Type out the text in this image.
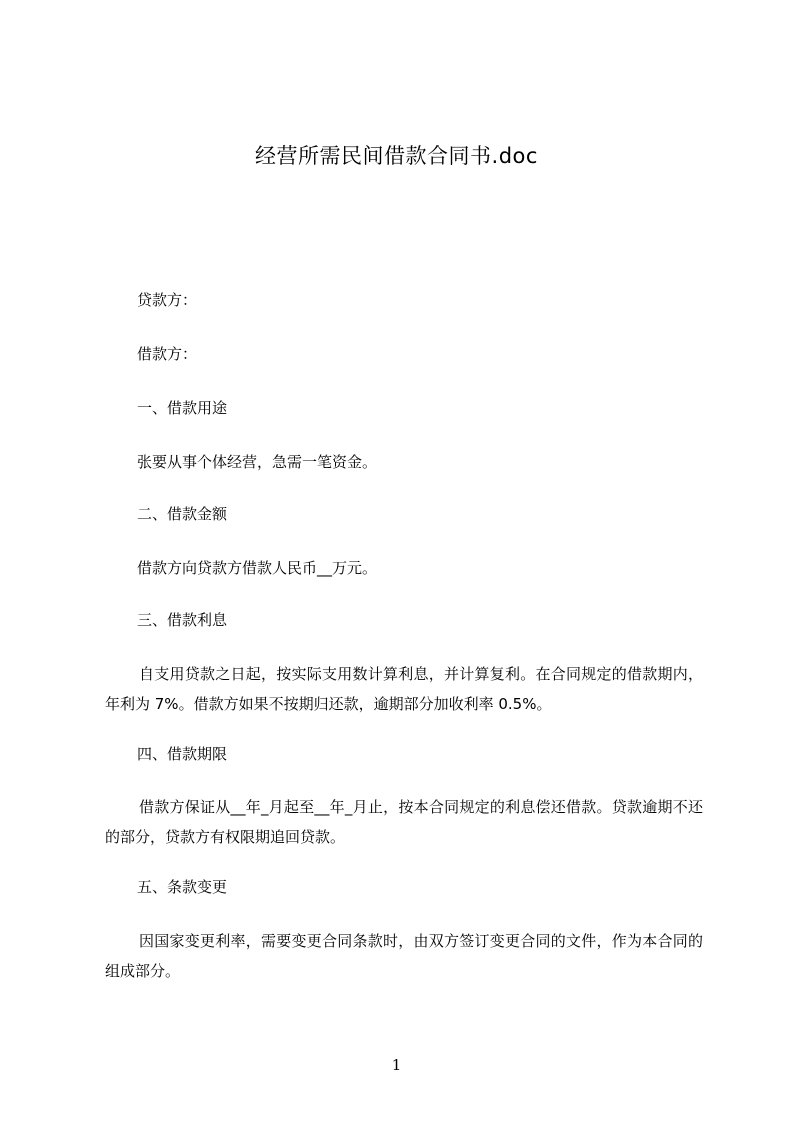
经营所需民间借款合同书.doc
贷款方：
借款方：
一、借款用途
张要从事个体经营，急需一笔资金。
二、借款金额
借款方向贷款方借款人民币__万元。
三、借款利息
自支用贷款之日起，按实际支用数计算利息，并计算复利。在合同规定的借款期内，年利为 7%。借款方如果不按期归还款，逾期部分加收利率 0.5%。
四、借款期限
借款方保证从__年_月起至__年_月止，按本合同规定的利息偿还借款。贷款逾期不还的部分，贷款方有权限期追回贷款。
五、条款变更
因国家变更利率，需要变更合同条款时，由双方签订变更合同的文件，作为本合同的组成部分。
1
